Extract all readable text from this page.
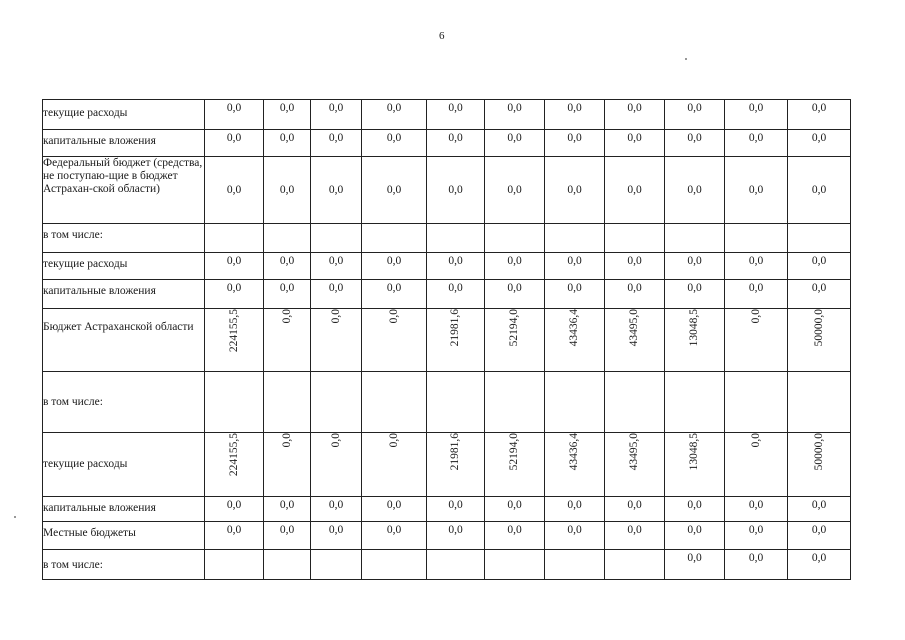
6
текущие расходы	0,0	0,0	0,0	0,0	0,0	0,0	0,0	0,0	0,0	0,0	0,0

капитальные вложения	0,0	0,0	0,0	0,0	0,0	0,0	0,0	0,0	0,0	0,0	0,0

Федеральный бюджет (средства, не поступаю-щие в бюджет Астрахан-ской области)	0,0	0,0	0,0	0,0	0,0	0,0	0,0	0,0	0,0	0,0	0,0

в том числе:											

текущие расходы	0,0	0,0	0,0	0,0	0,0	0,0	0,0	0,0	0,0	0,0	0,0

капитальные вложения	0,0	0,0	0,0	0,0	0,0	0,0	0,0	0,0	0,0	0,0	0,0

Бюджет Астраханской области	224155,5	0,0	0,0	0,0	21981,6	52194,0	43436,4	43495,0	13048,5	0,0	50000,0

в том числе:											

текущие расходы	224155,5	0,0	0,0	0,0	21981,6	52194,0	43436,4	43495,0	13048,5	0,0	50000,0

капитальные вложения	0,0	0,0	0,0	0,0	0,0	0,0	0,0	0,0	0,0	0,0	0,0

Местные бюджеты	0,0	0,0	0,0	0,0	0,0	0,0	0,0	0,0	0,0	0,0	0,0

в том числе:									0,0	0,0	0,0
